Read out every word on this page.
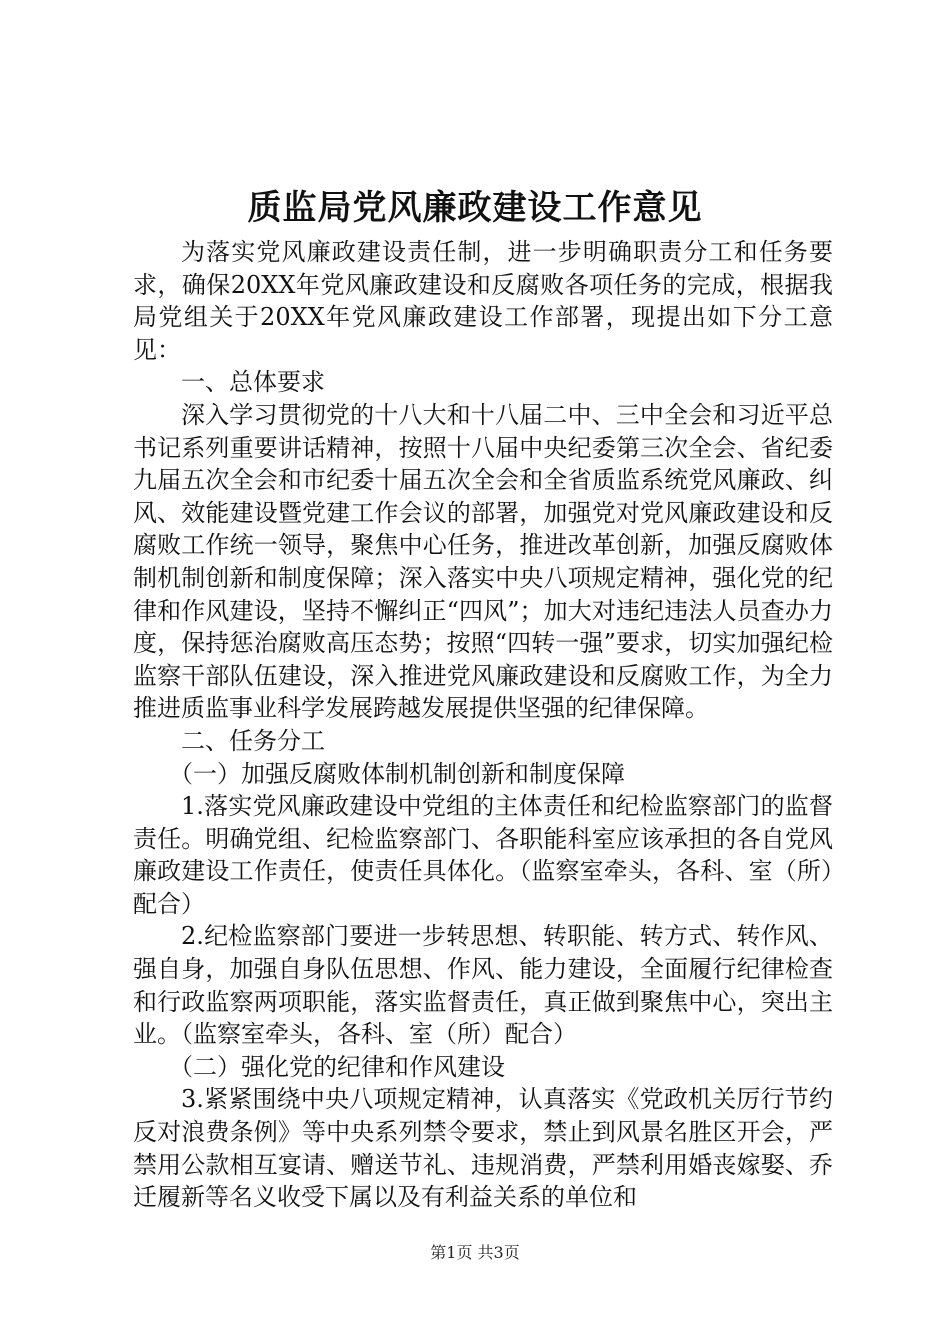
质监局党风廉政建设工作意见

为落实党风廉政建设责任制，进一步明确职责分工和任务要求，确保20XX年党风廉政建设和反腐败各项任务的完成，根据我局党组关于20XX年党风廉政建设工作部署，现提出如下分工意见：

一、总体要求

深入学习贯彻党的十八大和十八届二中、三中全会和习近平总书记系列重要讲话精神，按照十八届中央纪委第三次全会、省纪委九届五次全会和市纪委十届五次全会和全省质监系统党风廉政、纠风、效能建设暨党建工作会议的部署，加强党对党风廉政建设和反腐败工作统一领导，聚焦中心任务，推进改革创新，加强反腐败体制机制创新和制度保障；深入落实中央八项规定精神，强化党的纪律和作风建设，坚持不懈纠正“四风”；加大对违纪违法人员查办力度，保持惩治腐败高压态势；按照“四转一强”要求，切实加强纪检监察干部队伍建设，深入推进党风廉政建设和反腐败工作，为全力推进质监事业科学发展跨越发展提供坚强的纪律保障。

二、任务分工

（一）加强反腐败体制机制创新和制度保障

1.落实党风廉政建设中党组的主体责任和纪检监察部门的监督责任。明确党组、纪检监察部门、各职能科室应该承担的各自党风廉政建设工作责任，使责任具体化。（监察室牵头，各科、室（所）配合）

2.纪检监察部门要进一步转思想、转职能、转方式、转作风、强自身，加强自身队伍思想、作风、能力建设，全面履行纪律检查和行政监察两项职能，落实监督责任，真正做到聚焦中心，突出主业。（监察室牵头，各科、室（所）配合）

（二）强化党的纪律和作风建设

3.紧紧围绕中央八项规定精神，认真落实《党政机关厉行节约反对浪费条例》等中央系列禁令要求，禁止到风景名胜区开会，严禁用公款相互宴请、赠送节礼、违规消费，严禁利用婚丧嫁娶、乔迁履新等名义收受下属以及有利益关系的单位和

第1页 共3页
